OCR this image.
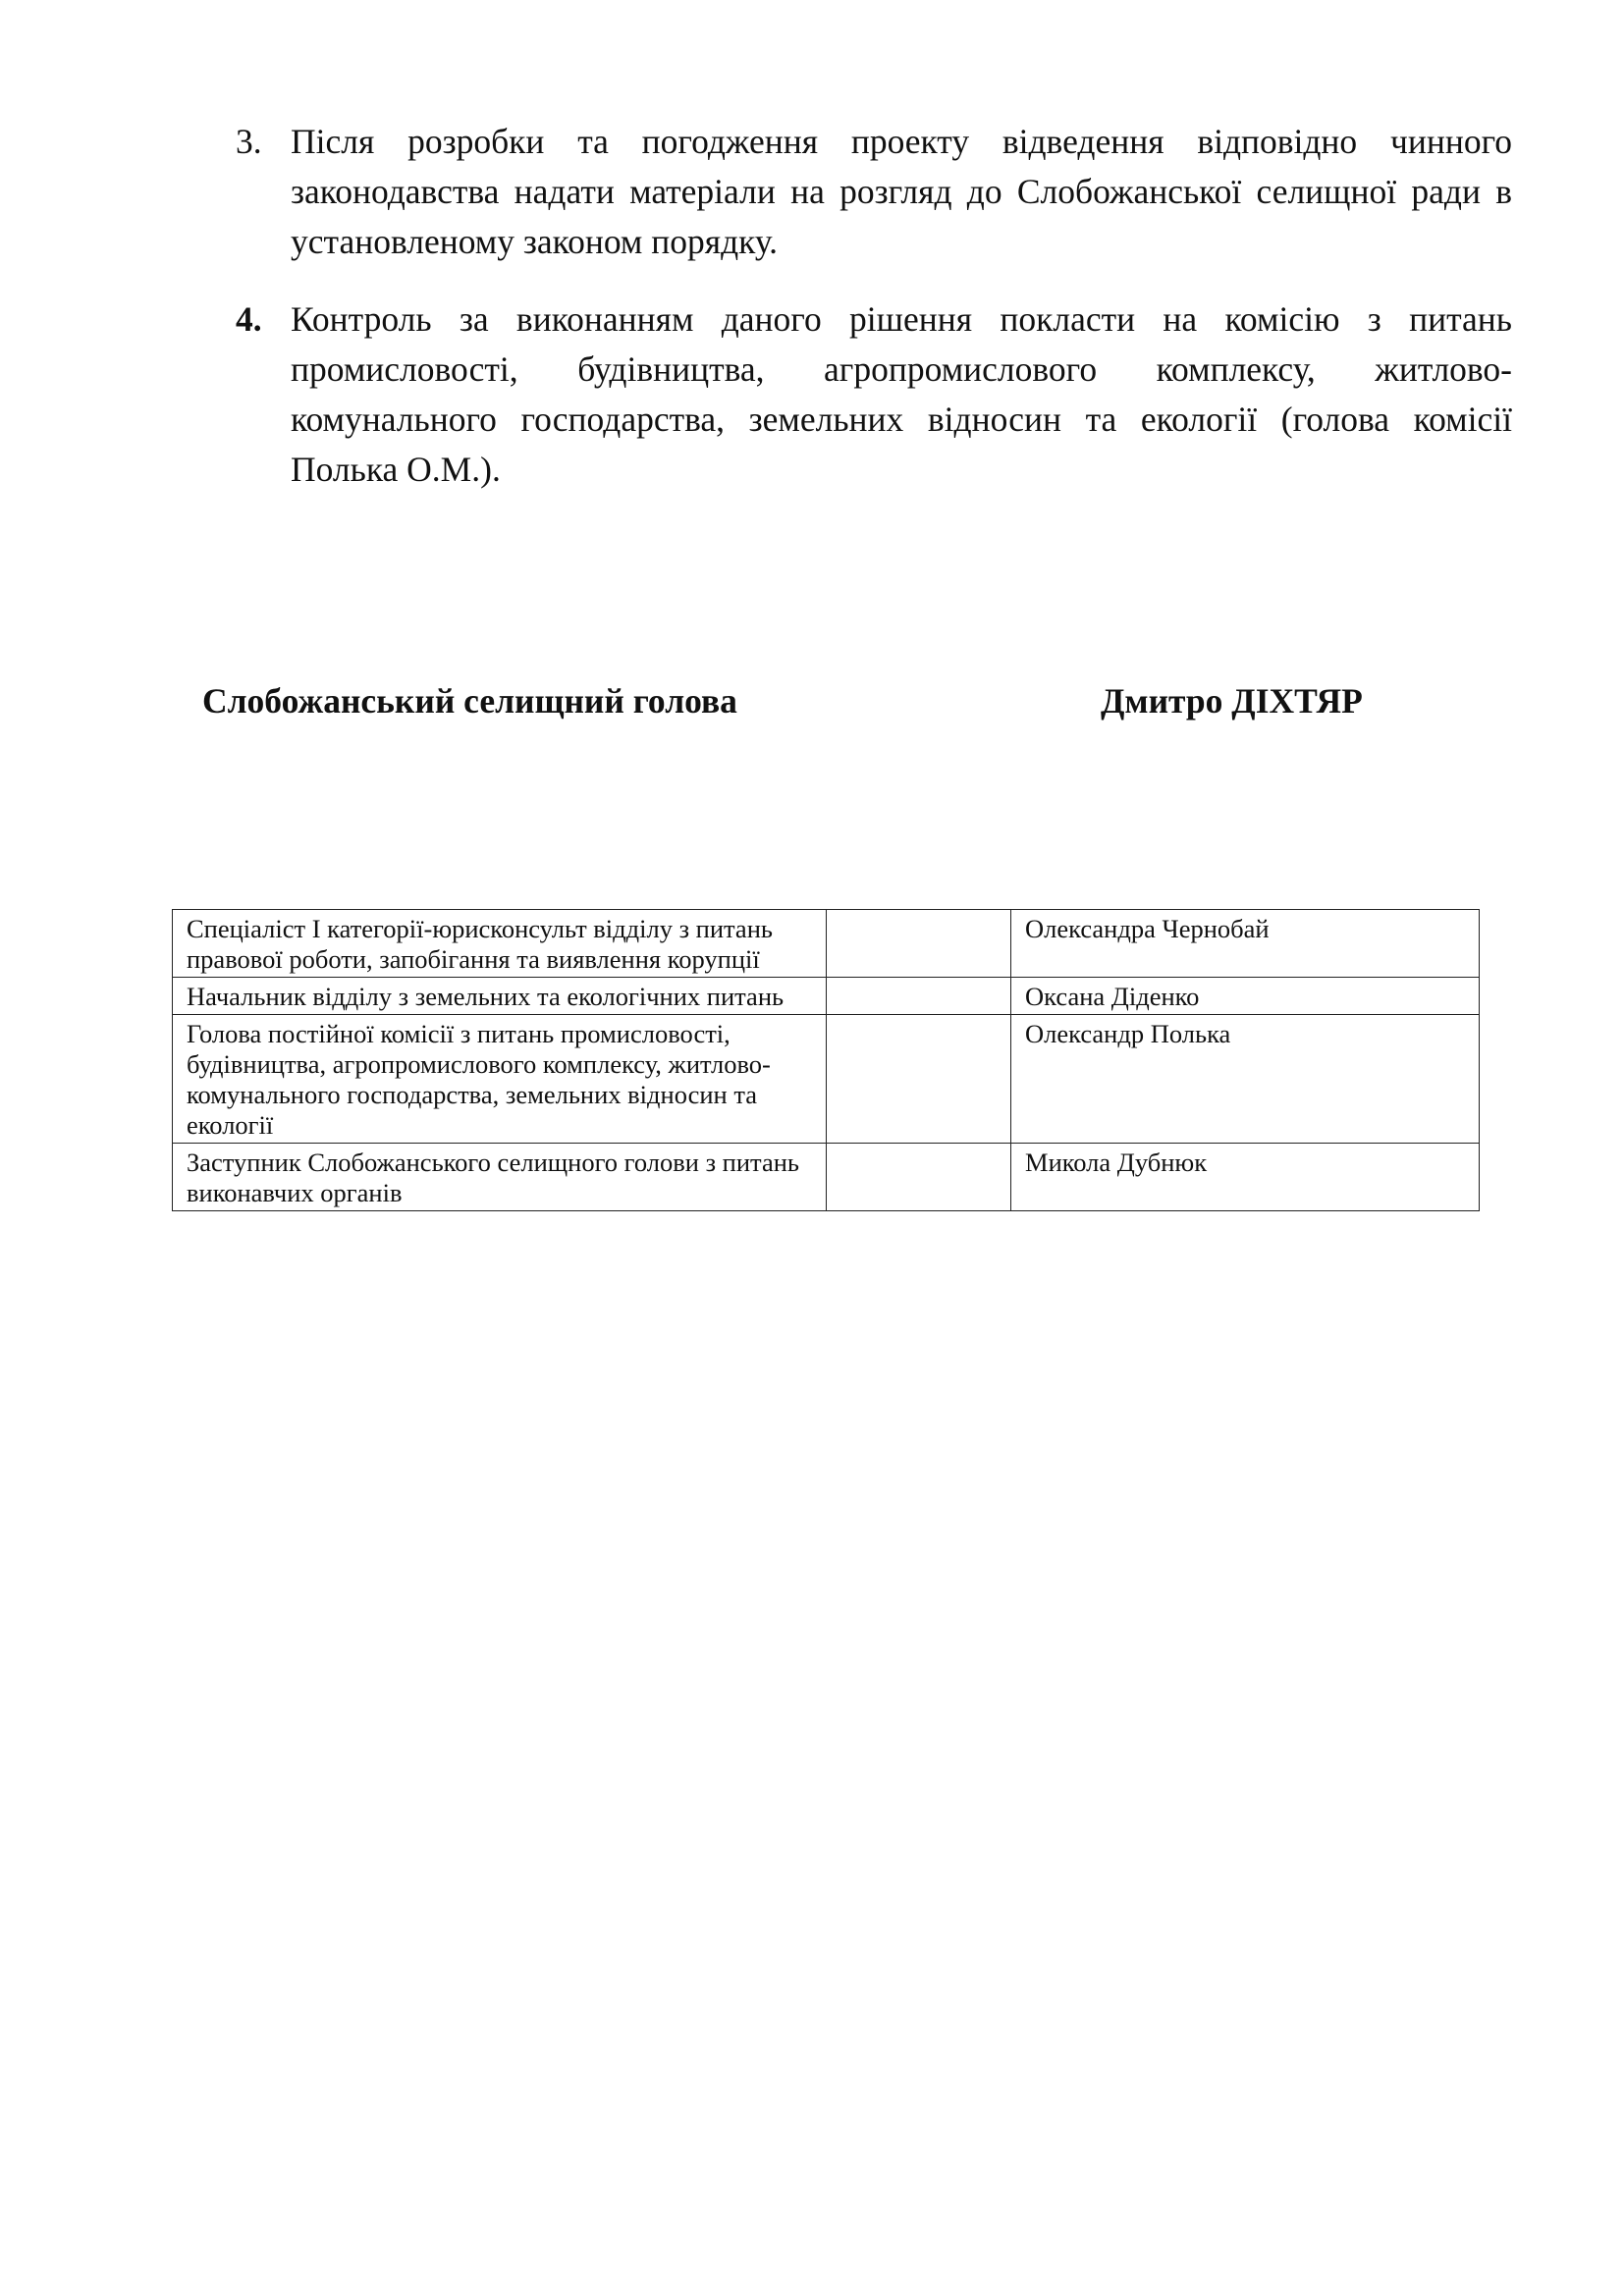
3. Після розробки та погодження проекту відведення відповідно чинного законодавства надати матеріали на розгляд до Слобожанської селищної ради в установленому законом порядку.
4. Контроль за виконанням даного рішення покласти на комісію з питань промисловості, будівництва, агропромислового комплексу, житлово-комунального господарства, земельних відносин та екології (голова комісії Полька О.М.).
Слобожанський селищний голова	Дмитро ДІХТЯР
Спеціаліст І категорії-юрисконсульт відділу з питань правової роботи, запобігання та виявлення корупції		Олександра Чернобай
Начальник відділу з земельних та екологічних питань		Оксана Діденко
Голова постійної комісії з питань промисловості, будівництва, агропромислового комплексу, житлово-комунального господарства, земельних відносин та екології		Олександр Полька
Заступник Слобожанського селищного голови з питань виконавчих органів		Микола Дубнюк
